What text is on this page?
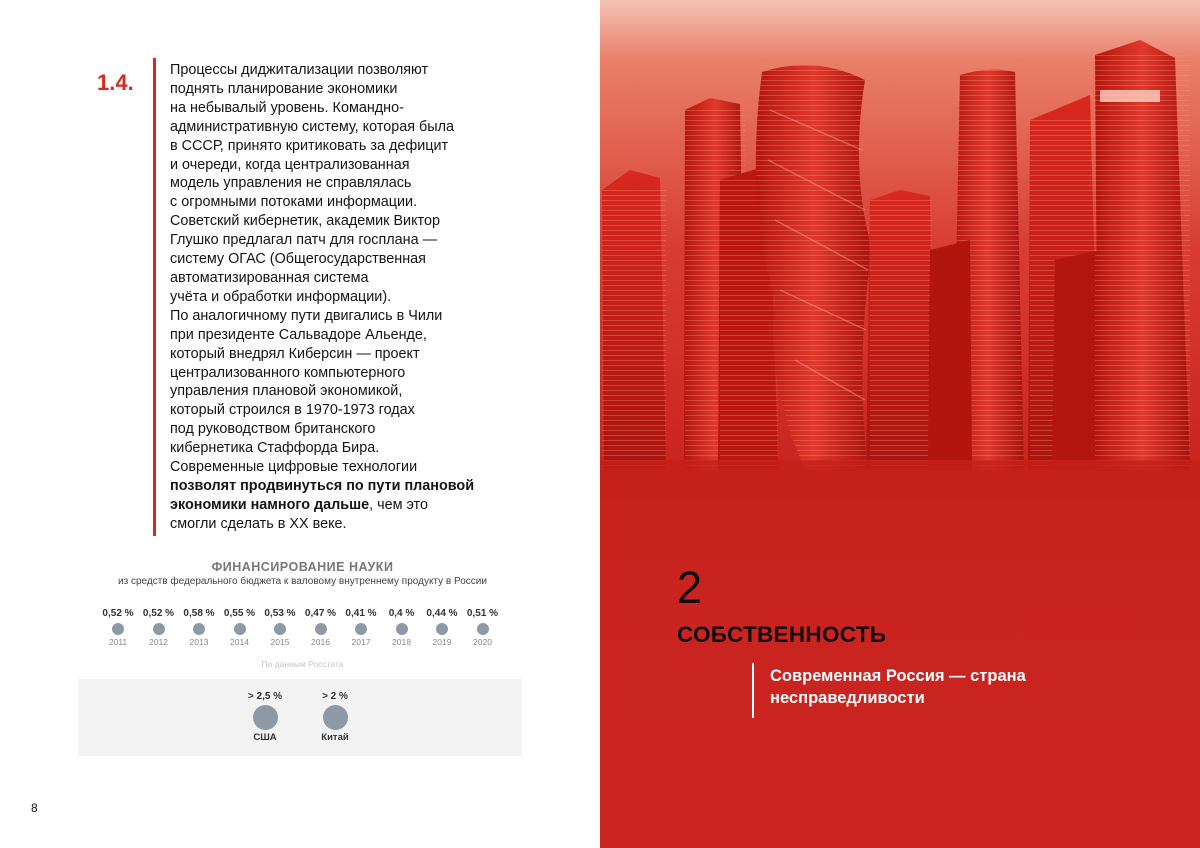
1.4.	Процессы диджитализации позволяют

поднять планирование экономики

на небывалый уровень. Командно-

административную систему, которая была

в СССР, принято критиковать за дефицит

и очереди, когда централизованная

модель управления не справлялась

с огромными потоками информации.

Советский кибернетик, академик Виктор

Глушко предлагал патч для госплана —

систему ОГАС (Общегосударственная

автоматизированная система

учёта и обработки информации).

По аналогичному пути двигались в Чили

при президенте Сальвадоре Альенде,

который внедрял Киберсин — проект

централизованного компьютерного

управления плановой экономикой,

который строился в 1970-1973 годах

под руководством британского

кибернетика Стаффорда Бира.

Современные цифровые технологии

позволят продвинуться по пути плановой

экономики намного дальше, чем это

смогли сделать в XX веке.

ФИНАНСИРОВАНИЕ НАУКИ
из средств федерального бюджета к валовому внутреннему продукту в России
0,52 %
2011
0,52 %
2012
0,58 %
2013
0,55 %
2014
0,53 %
2015
0,47 %
2016
0,41 %
2017
0,4 %
2018
0,44 %
2019
0,51 %
2020
По данным Росстата
> 2,5 %
США
> 2 %
Китай
8
2
СОБСТВЕННОСТЬ
Современная Россия — страна
несправедливости
